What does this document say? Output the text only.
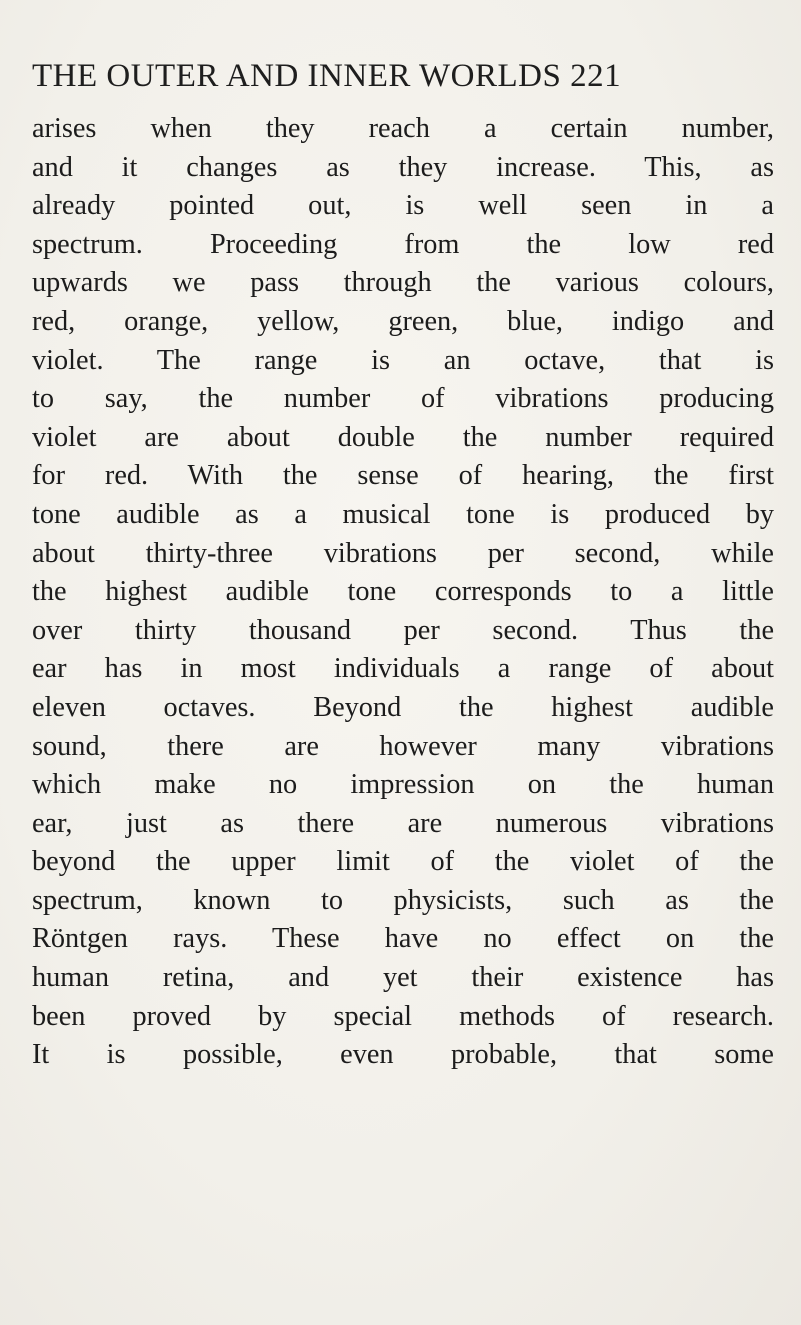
THE OUTER AND INNER WORLDS 221
arises when they reach a certain number,
and it changes as they increase. This, as
already pointed out, is well seen in a
spectrum. Proceeding from the low red
upwards we pass through the various colours,
red, orange, yellow, green, blue, indigo and
violet. The range is an octave, that is
to say, the number of vibrations producing
violet are about double the number required
for red. With the sense of hearing, the first
tone audible as a musical tone is produced by
about thirty-three vibrations per second, while
the highest audible tone corresponds to a little
over thirty thousand per second. Thus the
ear has in most individuals a range of about
eleven octaves. Beyond the highest audible
sound, there are however many vibrations
which make no impression on the human
ear, just as there are numerous vibrations
beyond the upper limit of the violet of the
spectrum, known to physicists, such as the
Röntgen rays. These have no effect on the
human retina, and yet their existence has
been proved by special methods of research.
It is possible, even probable, that some
